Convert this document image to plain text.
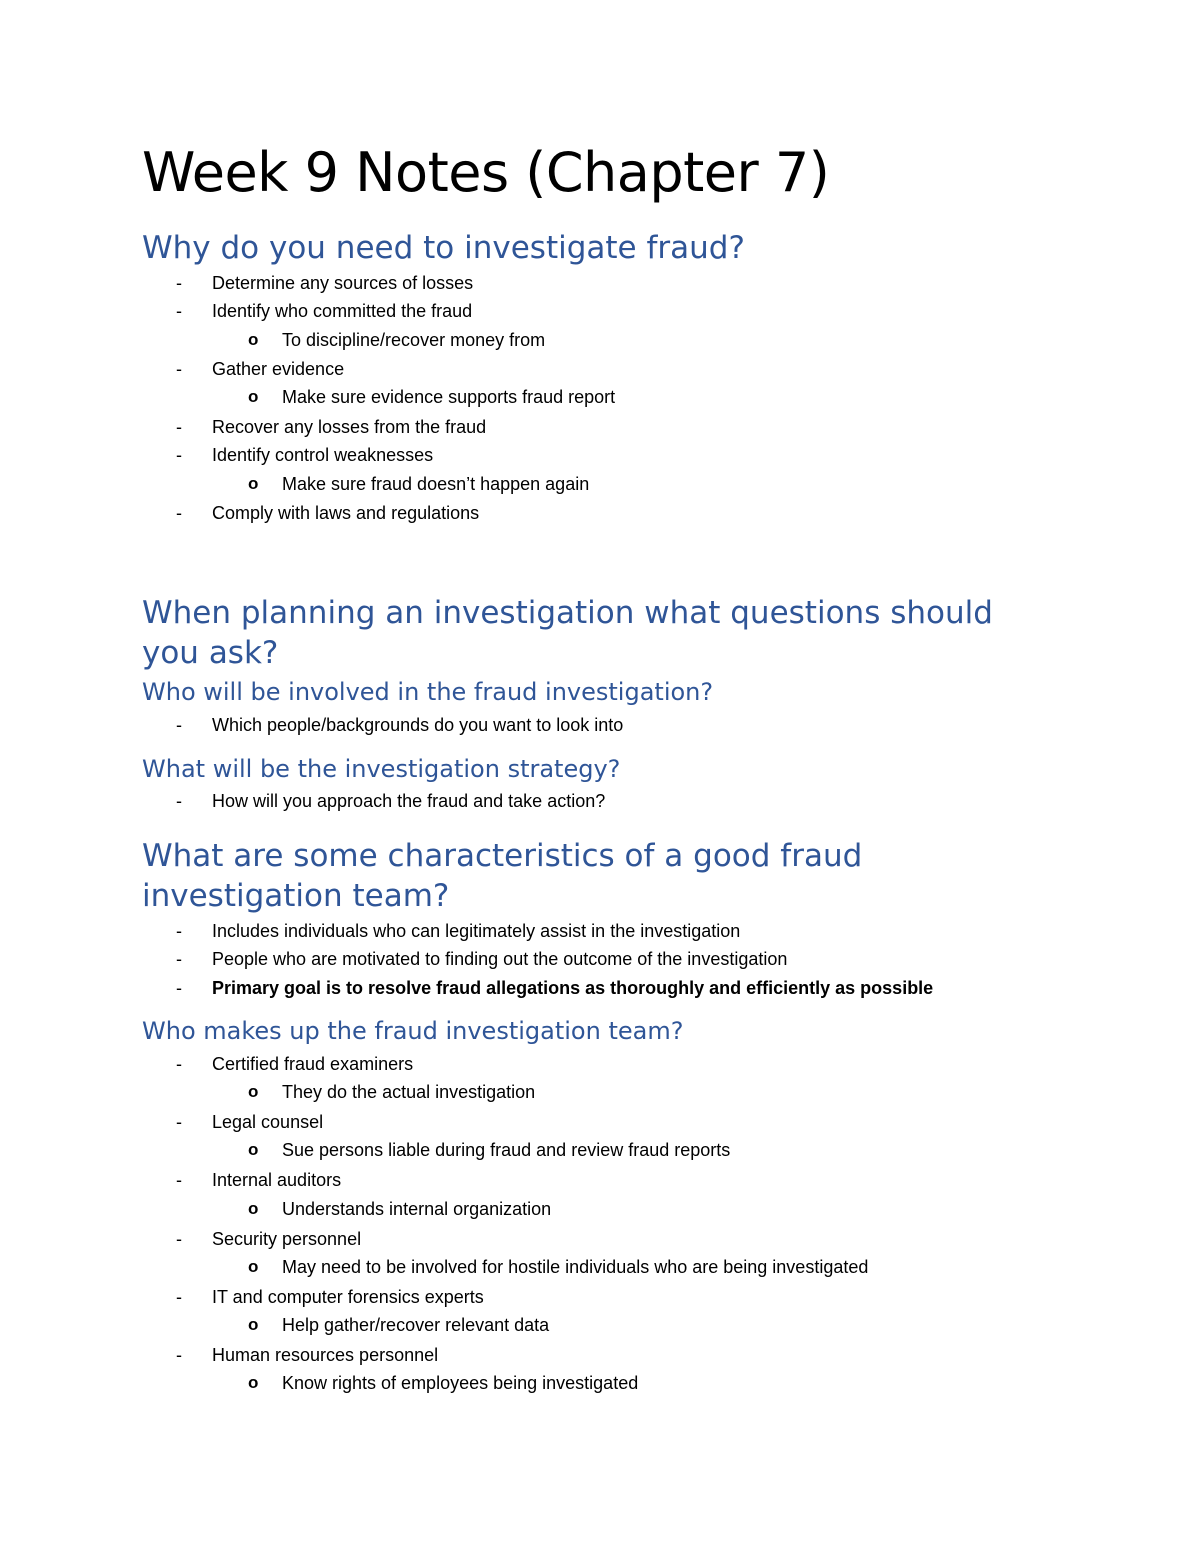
Week 9 Notes (Chapter 7)
Why do you need to investigate fraud?
- Determine any sources of losses
- Identify who committed the fraud
o To discipline/recover money from
- Gather evidence
o Make sure evidence supports fraud report
- Recover any losses from the fraud
- Identify control weaknesses
o Make sure fraud doesn’t happen again
- Comply with laws and regulations
When planning an investigation what questions should
you ask?
Who will be involved in the fraud investigation?
- Which people/backgrounds do you want to look into
What will be the investigation strategy?
- How will you approach the fraud and take action?
What are some characteristics of a good fraud
investigation team?
- Includes individuals who can legitimately assist in the investigation
- People who are motivated to finding out the outcome of the investigation
- Primary goal is to resolve fraud allegations as thoroughly and efficiently as possible
Who makes up the fraud investigation team?
- Certified fraud examiners
o They do the actual investigation
- Legal counsel
o Sue persons liable during fraud and review fraud reports
- Internal auditors
o Understands internal organization
- Security personnel
o May need to be involved for hostile individuals who are being investigated
- IT and computer forensics experts
o Help gather/recover relevant data
- Human resources personnel
o Know rights of employees being investigated
